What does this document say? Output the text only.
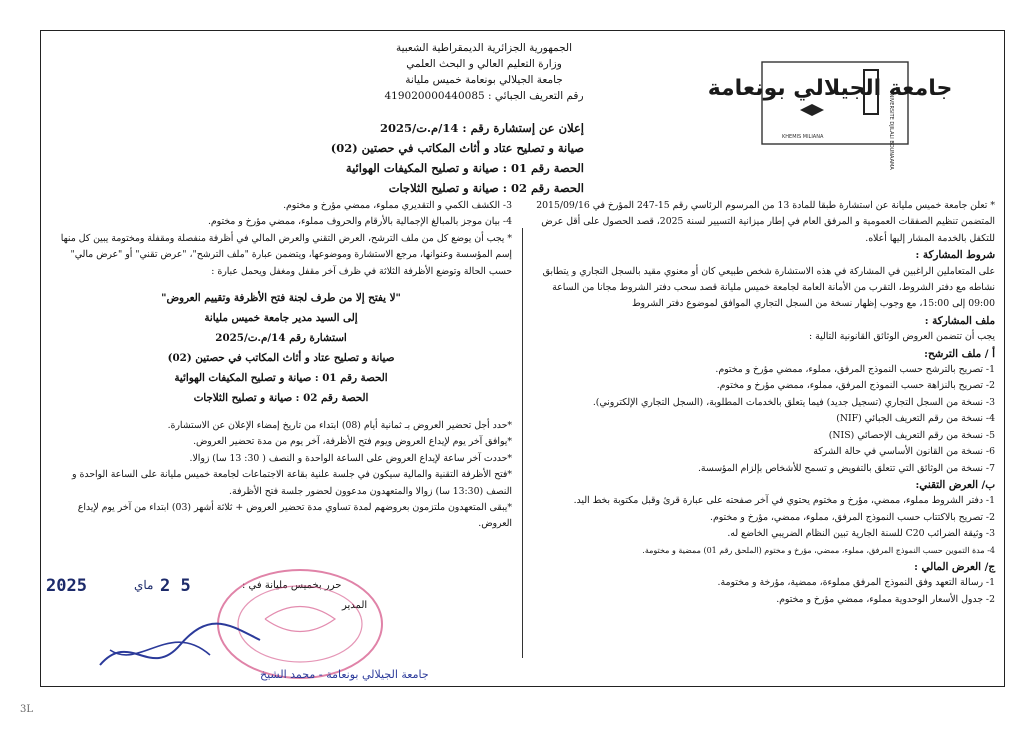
جامعة الجيلالي بونعامة
UNIVERSITE DJILALI BOUNAAMA
KHEMIS MILIANA
الجمهورية الجزائرية الديمقراطية الشعبية
وزارة التعليم العالي و البحث العلمي
جامعة الجيلالي بونعامة خميس مليانة
رقم التعريف الجبائي : 419020000440085
إعلان عن إستشارة رقم : 14/م.ت/2025
صيانة و تصليح عتاد و أثاث المكاتب في حصتين (02)
الحصة رقم 01 : صيانة و تصليح المكيفات الهوائية
الحصة رقم 02 : صيانة و تصليح الثلاجات
* تعلن جامعة خميس مليانة عن استشارة طبقا للمادة 13 من المرسوم الرئاسي رقم 15-247 المؤرخ في 2015/09/16 المتضمن تنظيم الصفقات العمومية و المرفق العام في إطار ميزانية التسيير لسنة 2025، قصد الحصول على أقل عرض للتكفل بالخدمة المشار إليها أعلاه.
شروط المشاركة :
على المتعاملين الراغبين في المشاركة في هذه الاستشارة شخص طبيعي كان أو معنوي مقيد بالسجل التجاري و يتطابق نشاطه مع دفتر الشروط، التقرب من الأمانة العامة لجامعة خميس مليانة قصد سحب دفتر الشروط مجانا من الساعة 09:00 إلى 15:00، مع وجوب إظهار نسخة من السجل التجاري الموافق لموضوع دفتر الشروط
ملف المشاركة :
يجب أن تتضمن العروض الوثائق القانونية التالية :
أ / ملف الترشح:
1- تصريح بالترشح حسب النموذج المرفق، مملوء، ممضي مؤرخ و مختوم.
2- تصريح بالنزاهة حسب النموذج المرفق، مملوء، ممضي مؤرخ و مختوم.
3- نسخة من السجل التجاري (تسجيل جديد) فيما يتعلق بالخدمات المطلوبة، (السجل التجاري الإلكتروني).
4- نسخة من رقم التعريف الجبائي (NIF)
5- نسخة من رقم التعريف الإحصائي (NIS)
6- نسخة من القانون الأساسي في حالة الشركة
7- نسخة من الوثائق التي تتعلق بالتفويض و تسمح للأشخاص بإلزام المؤسسة.
ب/ العرض التقني:
1- دفتر الشروط مملوء، ممضي، مؤرخ و مختوم يحتوي في آخر صفحته على عبارة قرئ وقبل مكتوبة بخط اليد.
2- تصريح بالاكتتاب حسب النموذج المرفق، مملوء، ممضي، مؤرخ و مختوم.
3- وثيقة الضرائب C20 للسنة الجارية تبين النظام الضريبي الخاضع له.
4- مدة التموين حسب النموذج المرفق، مملوء، ممضي، مؤرخ و مختوم (الملحق رقم 01) ممضية و مختومة.
ج/ العرض المالي :
1- رسالة التعهد وفق النموذج المرفق مملوءة، ممضية، مؤرخة و مختومة.
2- جدول الأسعار الوحدوية مملوء، ممضي مؤرخ و مختوم.
3- الكشف الكمي و التقديري مملوء، ممضي مؤرخ و مختوم.
4- بيان موجز بالمبالغ الإجمالية بالأرقام والحروف مملوء، ممضي مؤرخ و مختوم.
* يجب أن يوضع كل من ملف الترشح، العرض التقني والعرض المالي في أظرفة منفصلة ومقفلة ومختومة يبين كل منها إسم المؤسسة وعنوانها، مرجع الاستشارة وموضوعها، ويتضمن عبارة "ملف الترشح"، "عرض تقني" أو "عرض مالي" حسب الحالة وتوضع الأظرفة الثلاثة في ظرف آخر مقفل ومغفل ويحمل عبارة :
"لا يفتح إلا من طرف لجنة فتح الأظرفة وتقييم العروض"
إلى السيد مدير جامعة خميس مليانة
استشارة رقم 14/م.ت/2025
صيانة و تصليح عتاد و أثاث المكاتب في حصتين (02)
الحصة رقم 01 : صيانة و تصليح المكيفات الهوائية
الحصة رقم 02 : صيانة و تصليح الثلاجات
*حدد أجل تحضير العروض بـ ثمانية أيام (08) ابتداء من تاريخ إمضاء الإعلان عن الاستشارة.
*يوافق آخر يوم لإيداع العروض ويوم فتح الأظرفة، آخر يوم من مدة تحضير العروض.
*حددت آخر ساعة لإيداع العروض على الساعة الواحدة و النصف ( 30: 13 سا) زوالا.
*فتح الأظرفة التقنية والمالية سيكون في جلسة علنية بقاعة الاجتماعات لجامعة خميس مليانة على الساعة الواحدة و النصف (13:30 سا) زوالا والمتعهدون مدعوون لحضور جلسة فتح الأظرفة.
*يبقى المتعهدون ملتزمون بعروضهم لمدة تساوي مدة تحضير العروض + ثلاثة أشهر (03) ابتداء من آخر يوم لإيداع العروض.
2025	ماي 2 5	حرر بخميس مليانة في :
المدير
جامعة الجيلالي بونعامة - محمد الشيخ
3L
